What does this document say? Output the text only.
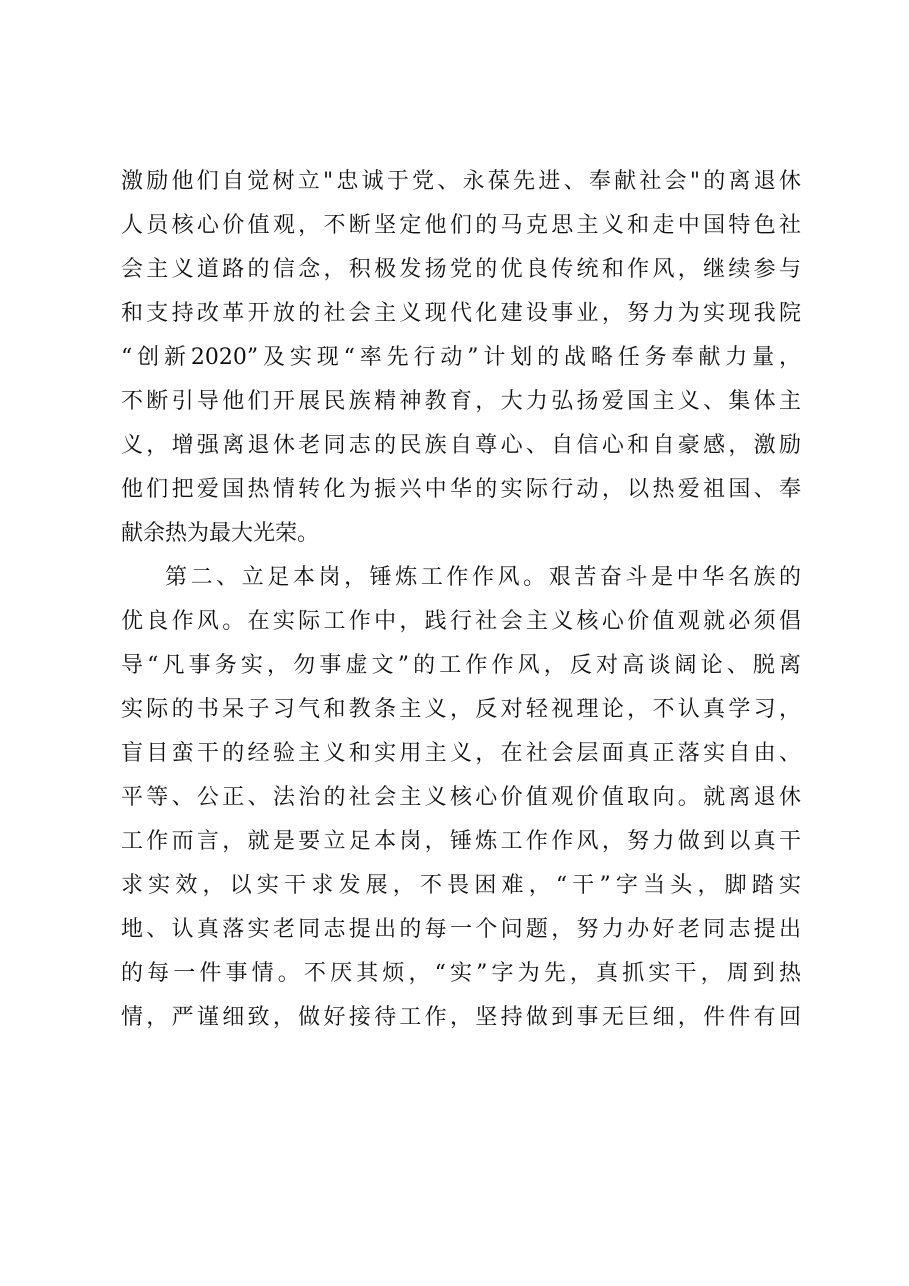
激励他们自觉树立"忠诚于党、永葆先进、奉献社会"的离退休
人员核心价值观，不断坚定他们的马克思主义和走中国特色社
会主义道路的信念，积极发扬党的优良传统和作风，继续参与
和支持改革开放的社会主义现代化建设事业，努力为实现我院
“创新2020”及实现“率先行动”计划的战略任务奉献力量，
不断引导他们开展民族精神教育，大力弘扬爱国主义、集体主
义，增强离退休老同志的民族自尊心、自信心和自豪感，激励
他们把爱国热情转化为振兴中华的实际行动，以热爱祖国、奉
献余热为最大光荣。
第二、立足本岗，锤炼工作作风。艰苦奋斗是中华名族的
优良作风。在实际工作中，践行社会主义核心价值观就必须倡
导“凡事务实，勿事虚文”的工作作风，反对高谈阔论、脱离
实际的书呆子习气和教条主义，反对轻视理论，不认真学习，
盲目蛮干的经验主义和实用主义，在社会层面真正落实自由、
平等、公正、法治的社会主义核心价值观价值取向。就离退休
工作而言，就是要立足本岗，锤炼工作作风，努力做到以真干
求实效，以实干求发展，不畏困难，“干”字当头，脚踏实
地、认真落实老同志提出的每一个问题，努力办好老同志提出
的每一件事情。不厌其烦，“实”字为先，真抓实干，周到热
情，严谨细致，做好接待工作，坚持做到事无巨细，件件有回
